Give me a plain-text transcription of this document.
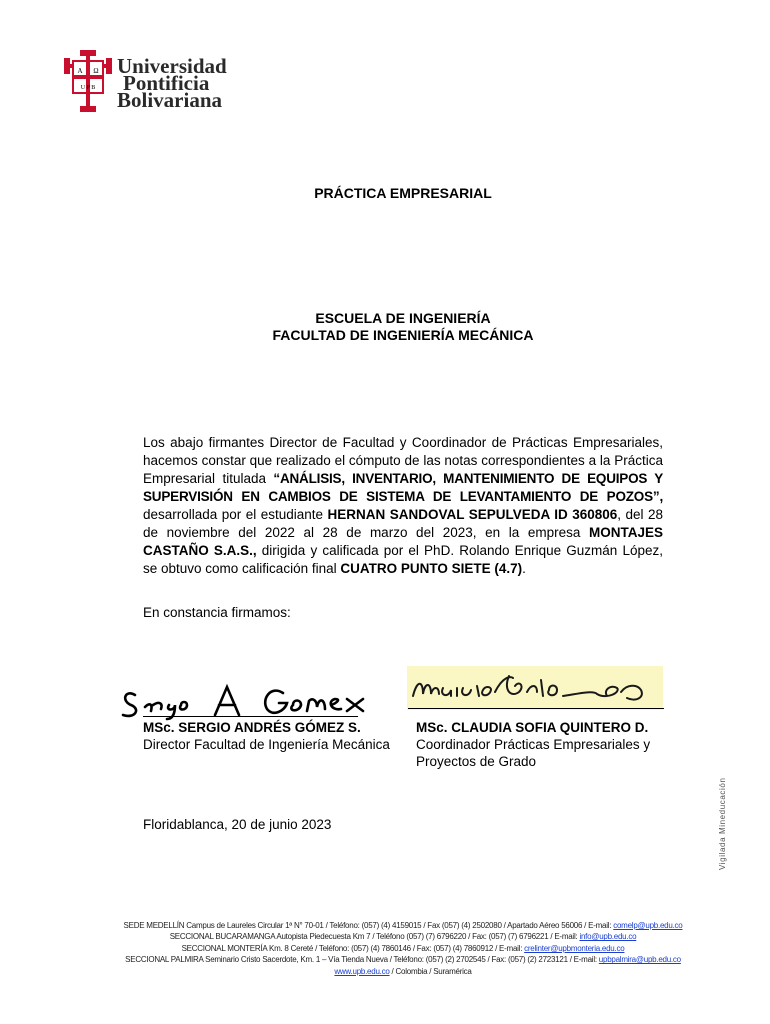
A Ω
U P B
Universidad
Pontificia
Bolivariana
PRÁCTICA EMPRESARIAL
ESCUELA DE INGENIERÍA
FACULTAD DE INGENIERÍA MECÁNICA
Los abajo firmantes Director de Facultad y Coordinador de Prácticas Empresariales, hacemos constar que realizado el cómputo de las notas correspondientes a la Práctica Empresarial titulada “ANÁLISIS, INVENTARIO, MANTENIMIENTO DE EQUIPOS Y SUPERVISIÓN EN CAMBIOS DE SISTEMA DE LEVANTAMIENTO DE POZOS”, desarrollada por el estudiante HERNAN SANDOVAL SEPULVEDA ID 360806, del 28 de noviembre del 2022 al 28 de marzo del 2023, en la empresa MONTAJES CASTAÑO S.A.S., dirigida y calificada por el PhD. Rolando Enrique Guzmán López, se obtuvo como calificación final CUATRO PUNTO SIETE (4.7).
En constancia firmamos:
MSc. SERGIO ANDRÉS GÓMEZ S.
Director Facultad de Ingeniería Mecánica
MSc. CLAUDIA SOFIA QUINTERO D.
Coordinador Prácticas Empresariales y
Proyectos de Grado
Floridablanca, 20 de junio 2023	Vigilada Mineducación
SEDE MEDELLÍN Campus de Laureles Circular 1ª N° 70-01 / Teléfono: (057) (4) 4159015 / Fax (057) (4) 2502080 / Apartado Aéreo 56006 / E-mail: comelp@upb.edu.co
SECCIONAL BUCARAMANGA Autopista Piedecuesta Km 7 / Teléfono (057) (7) 6796220 / Fax: (057) (7) 6796221 / E-mail: info@upb.edu.co
SECCIONAL MONTERÍA Km. 8 Cereté / Teléfono: (057) (4) 7860146 / Fax: (057) (4) 7860912 / E-mail: crelinter@upbmonteria.edu.co
SECCIONAL PALMIRA Seminario Cristo Sacerdote, Km. 1 – Vía Tienda Nueva / Teléfono: (057) (2) 2702545 / Fax: (057) (2) 2723121 / E-mail: upbpalmira@upb.edu.co
www.upb.edu.co / Colombia / Suramérica
